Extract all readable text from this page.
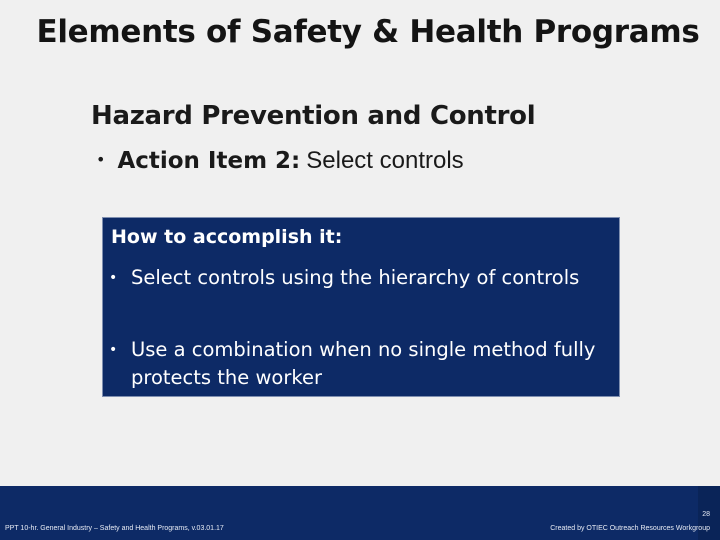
Elements of Safety & Health Programs
Hazard Prevention and Control
• Action Item 2: Select controls
How to accomplish it:
• Select controls using the hierarchy of controls
• Use a combination when no single method fully protects the worker
PPT 10-hr. General Industry – Safety and Health Programs, v.03.01.17
28
Created by OTIEC Outreach Resources Workgroup
